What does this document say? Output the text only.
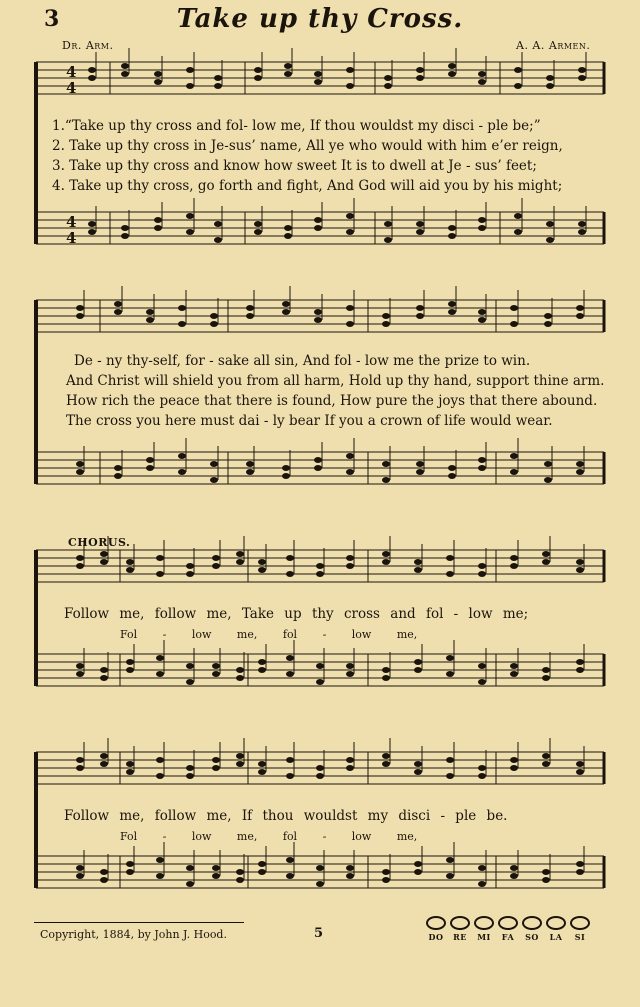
3	Take up thy Cross.
Dr. Arm.	A. A. Armen.
4
4
4
4
1.“Take up thy cross and fol- low me, If thou wouldst my disci - ple be;”
2. Take up thy cross in Je-sus’ name, All ye who would with him e’er reign,
3. Take up thy cross and know how sweet It is to dwell at Je - sus’ feet;
4. Take up thy cross, go forth and fight, And God will aid you by his might;
De - ny thy-self, for - sake all sin, And fol - low me the prize to win.
And Christ will shield you from all harm, Hold up thy hand, support thine arm.
How rich the peace that there is found, How pure the joys that there abound.
The cross you here must dai - ly bear If you a crown of life would wear.
CHORUS.
Follow me, follow me, Take up thy cross and fol - low me;
Fol - low me, fol - low me,
Follow me, follow me, If thou wouldst my disci - ple be.
Fol - low me, fol - low me,
Copyright, 1884, by John J. Hood.	5	DO	RE	MI	FA	SO	LA	SI
